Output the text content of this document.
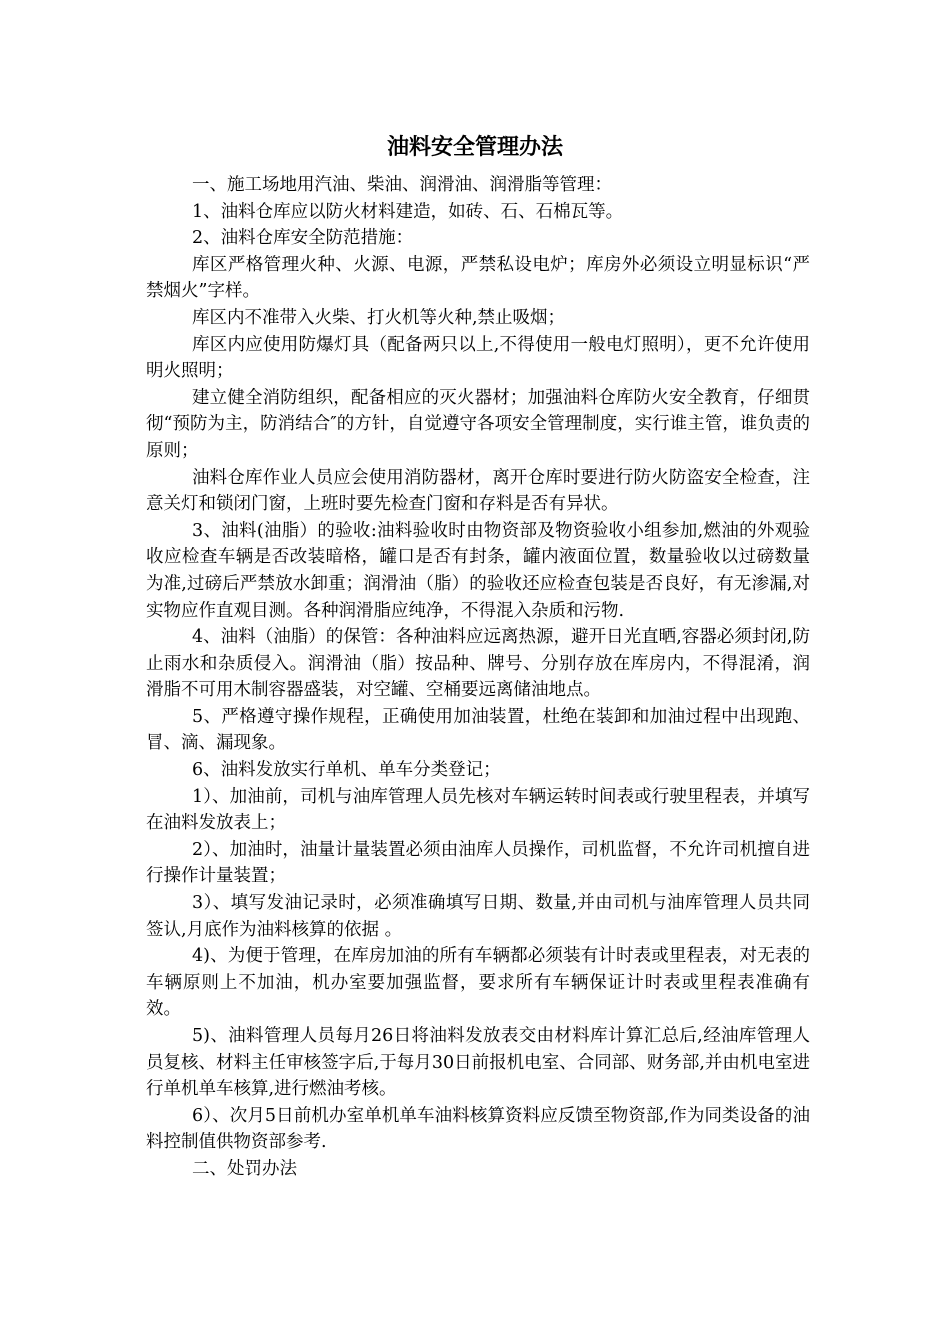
油料安全管理办法

一、施工场地用汽油、柴油、润滑油、润滑脂等管理：

1、油料仓库应以防火材料建造，如砖、石、石棉瓦等。

2、油料仓库安全防范措施：

库区严格管理火种、火源、电源，严禁私设电炉；库房外必须设立明显标识“严禁烟火”字样。

库区内不准带入火柴、打火机等火种,禁止吸烟；

库区内应使用防爆灯具（配备两只以上,不得使用一般电灯照明），更不允许使用明火照明；

建立健全消防组织，配备相应的灭火器材；加强油料仓库防火安全教育，仔细贯彻“预防为主，防消结合″的方针，自觉遵守各项安全管理制度，实行谁主管，谁负责的原则；

油料仓库作业人员应会使用消防器材，离开仓库时要进行防火防盗安全检查，注意关灯和锁闭门窗，上班时要先检查门窗和存料是否有异状。

3、油料(油脂）的验收:油料验收时由物资部及物资验收小组参加,燃油的外观验收应检查车辆是否改装暗格，罐口是否有封条，罐内液面位置，数量验收以过磅数量为准,过磅后严禁放水卸重；润滑油（脂）的验收还应检查包装是否良好，有无渗漏,对实物应作直观目测。各种润滑脂应纯净，不得混入杂质和污物.

4、油料（油脂）的保管：各种油料应远离热源，避开日光直晒,容器必须封闭,防止雨水和杂质侵入。润滑油（脂）按品种、牌号、分别存放在库房内，不得混淆，润滑脂不可用木制容器盛装，对空罐、空桶要远离储油地点。

5、严格遵守操作规程，正确使用加油装置，杜绝在装卸和加油过程中出现跑、冒、滴、漏现象。

6、油料发放实行单机、单车分类登记；

1）、加油前，司机与油库管理人员先核对车辆运转时间表或行驶里程表，并填写在油料发放表上；

2）、加油时，油量计量装置必须由油库人员操作，司机监督，不允许司机擅自进行操作计量装置；

3）、填写发油记录时，必须准确填写日期、数量,并由司机与油库管理人员共同签认,月底作为油料核算的依据 。

4)、为便于管理，在库房加油的所有车辆都必须装有计时表或里程表，对无表的车辆原则上不加油，机办室要加强监督，要求所有车辆保证计时表或里程表准确有效。

5)、油料管理人员每月26日将油料发放表交由材料库计算汇总后,经油库管理人员复核、材料主任审核签字后,于每月30日前报机电室、合同部、财务部,并由机电室进行单机单车核算,进行燃油考核。

6）、次月5日前机办室单机单车油料核算资料应反馈至物资部,作为同类设备的油料控制值供物资部参考.

二、处罚办法
